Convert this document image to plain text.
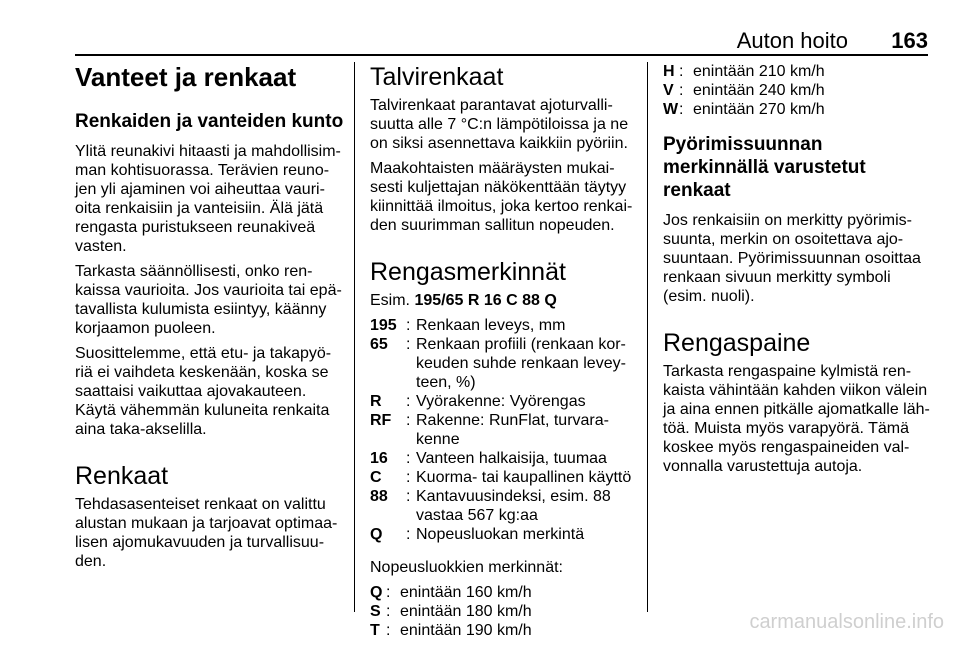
Auton hoito 163
Vanteet ja renkaat
Renkaiden ja vanteiden kunto

Ylitä reunakivi hitaasti ja mahdollisim-man kohtisuorassa. Terävien reuno-jen yli ajaminen voi aiheuttaa vauri-oita renkaisiin ja vanteisiin. Älä jätä rengasta puristukseen reunakiveä vasten.

Tarkasta säännöllisesti, onko ren-kaissa vaurioita. Jos vaurioita tai epä-tavallista kulumista esiintyy, käänny korjaamon puoleen.

Suosittelemme, että etu- ja takapyö-riä ei vaihdeta keskenään, koska se saattaisi vaikuttaa ajovakauteen. Käytä vähemmän kuluneita renkaita aina taka-akselilla.

Renkaat

Tehdasasenteiset renkaat on valittu alustan mukaan ja tarjoavat optimaa-lisen ajomukavuuden ja turvallisuu-den.

Talvirenkaat

Talvirenkaat parantavat ajoturvalli-suutta alle 7 °C:n lämpötiloissa ja ne on siksi asennettava kaikkiin pyöriin.

Maakohtaisten määräysten mukai-sesti kuljettajan näkökenttään täytyy kiinnittää ilmoitus, joka kertoo renkai-den suurimman sallitun nopeuden.

Rengasmerkinnät

Esim. 195/65 R 16 C 88 Q

195 : Renkaan leveys, mm
65	: Renkaan profiili (renkaan kor-keuden suhde renkaan levey-teen, %)
R	: Vyörakenne: Vyörengas
RF : Rakenne: RunFlat, turvara-kenne
16	: Vanteen halkaisija, tuumaa
C	: Kuorma- tai kaupallinen käyttö
88	: Kantavuusindeksi, esim. 88 vastaa 567 kg:aa
Q	: Nopeusluokan merkintä

Nopeusluokkien merkinnät:

Q : enintään 160 km/h
S : enintään 180 km/h
T : enintään 190 km/h
H : enintään 210 km/h
V : enintään 240 km/h
W : enintään 270 km/h
Pyörimissuunnan merkinnällä varustetut renkaat

Jos renkaisiin on merkitty pyörimis-suunta, merkin on osoitettava ajo-suuntaan. Pyörimissuunnan osoittaa renkaan sivuun merkitty symboli (esim. nuoli).

Rengaspaine

Tarkasta rengaspaine kylmistä ren-kaista vähintään kahden viikon välein ja aina ennen pitkälle ajomatkalle läh-töä. Muista myös varapyörä. Tämä koskee myös rengaspaineiden val-vonnalla varustettuja autoja.

carmanualsonline.info
